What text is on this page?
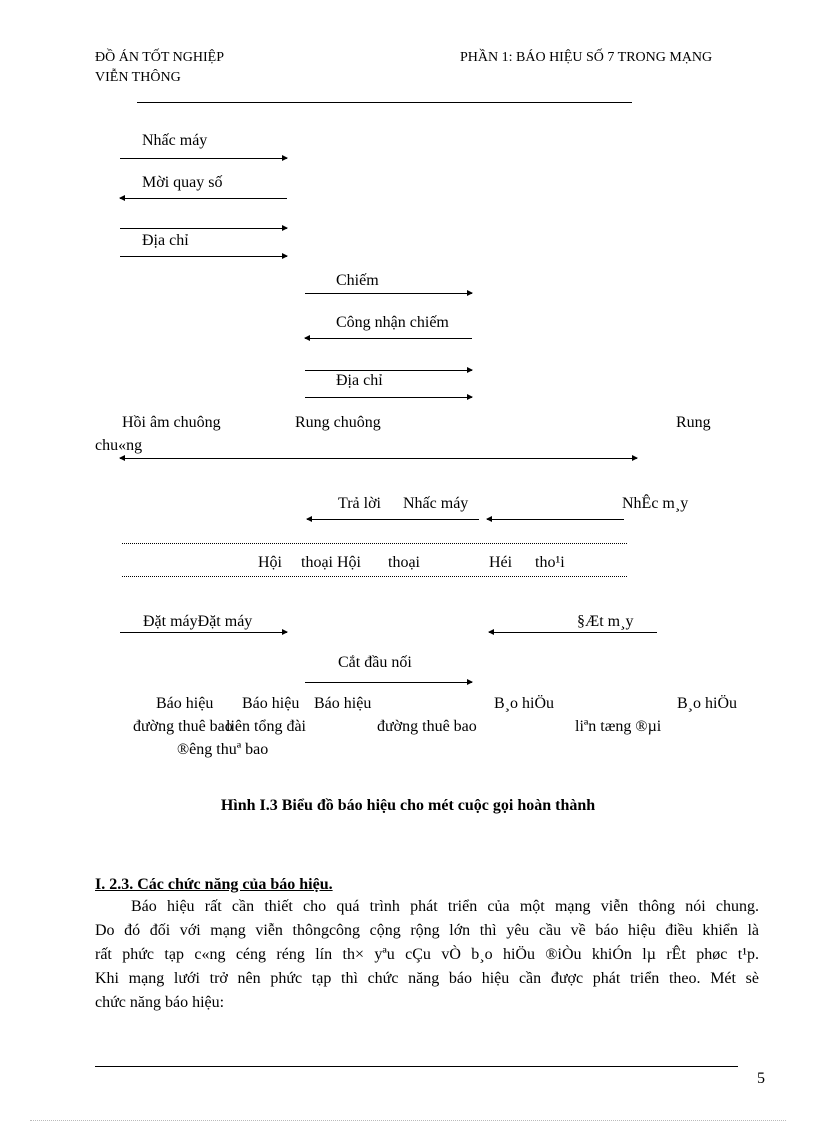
ĐỒ ÁN TỐT NGHIỆP
VIỄN THÔNG
PHẦN 1: BÁO HIỆU SỐ 7 TRONG MẠNG
Nhấc máy
Mời quay số
Địa chỉ
Chiếm
Công nhận chiếm
Địa chỉ
Hồi âm chuông	Rung chuông	Rung
chu«ng
Trả lời Nhấc máy	NhÊc m¸y
Hội thoại Hội thoại	Héi tho¹i
Đặt máyĐặt máy	§Æt m¸y
Cắt đầu nối
Báo hiệu Báo hiệu Báo hiệu	B¸o hiÖu	B¸o hiÖu
đường thuê bao
liên tổng đài	đường thuê bao	liªn tæng ®µi
®êng thuª bao
Hình I.3 Biểu đồ báo hiệu cho mét cuộc gọi hoàn thành
I. 2.3. Các chức năng của báo hiệu.
Báo hiệu rất cần thiết cho quá trình phát triển của một mạng viễn thông nói chung.
Do đó đối với mạng viễn thôngcông cộng rộng lớn thì yêu cầu về báo hiệu điều khiển là
rất phức tạp c«ng céng réng lín th× yªu cÇu vÒ b¸o hiÖu ®iÒu khiÓn lµ rÊt phøc t¹p.
Khi mạng lưới trở nên phức tạp thì chức năng báo hiệu cần được phát triển theo. Mét sè
chức năng báo hiệu:
5
